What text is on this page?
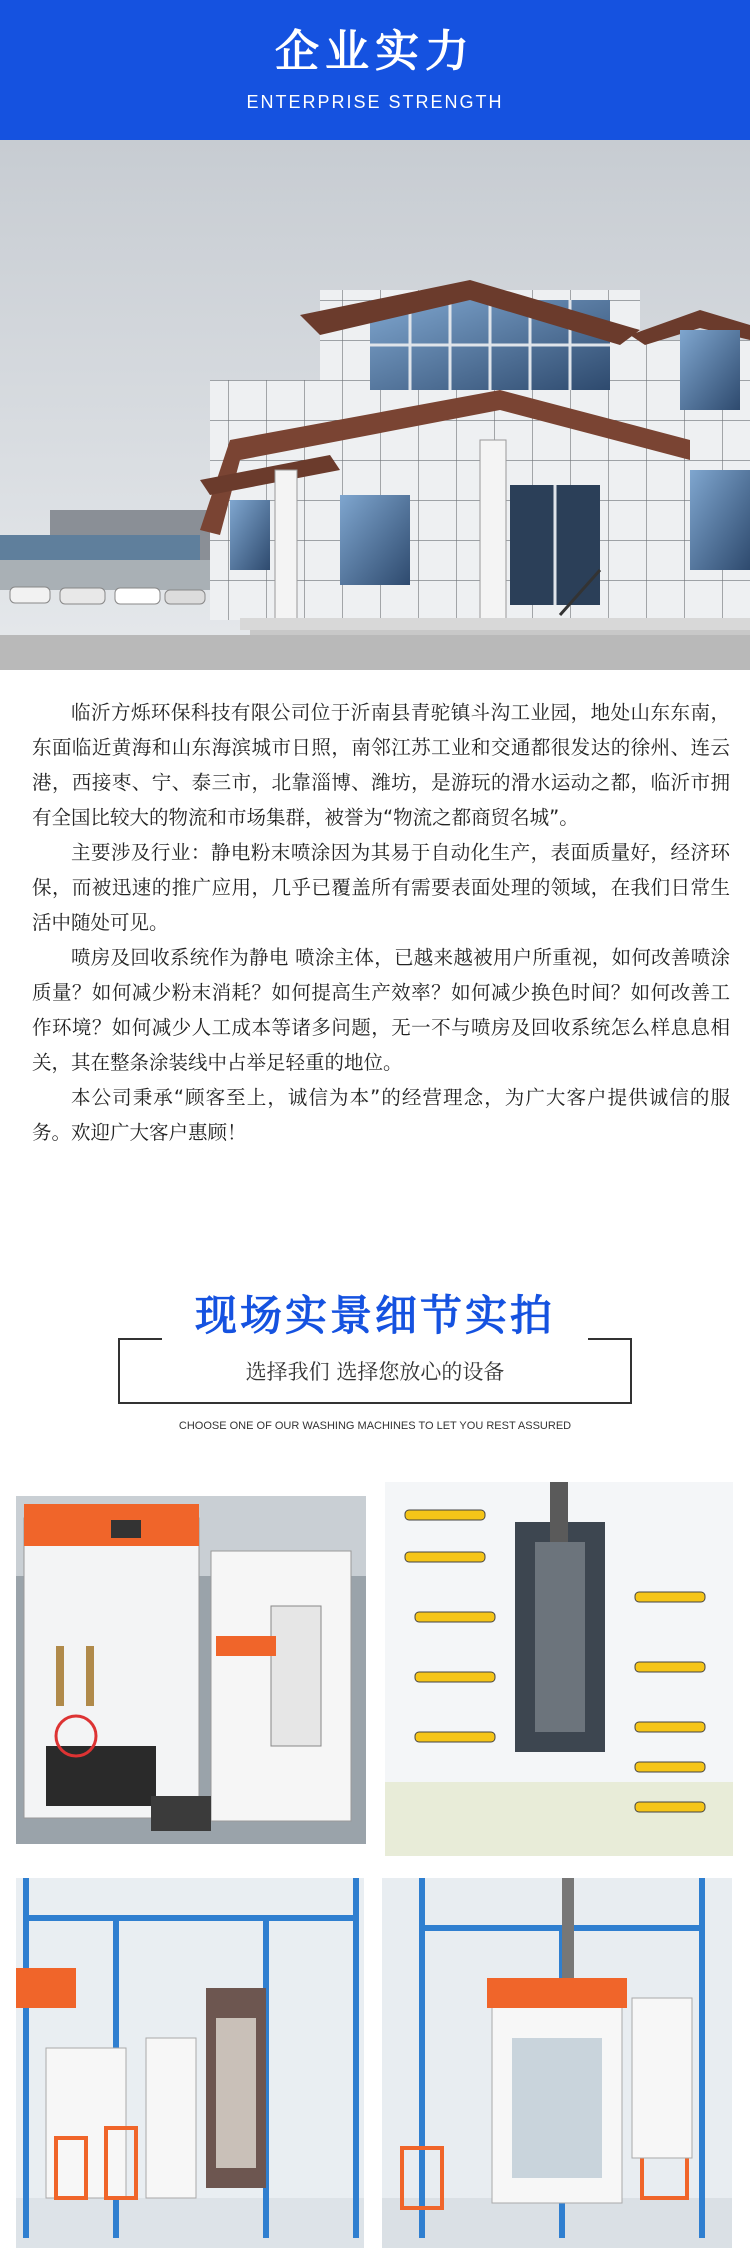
企业实力
ENTERPRISE STRENGTH

临沂方烁环保科技有限公司位于沂南县青驼镇斗沟工业园，地处山东东南，东面临近黄海和山东海滨城市日照，南邻江苏工业和交通都很发达的徐州、连云港，西接枣、宁、泰三市，北靠淄博、潍坊，是游玩的滑水运动之都，临沂市拥有全国比较大的物流和市场集群，被誉为“物流之都商贸名城”。

主要涉及行业：静电粉末喷涂因为其易于自动化生产，表面质量好，经济环保，而被迅速的推广应用，几乎已覆盖所有需要表面处理的领域，在我们日常生活中随处可见。

喷房及回收系统作为静电 喷涂主体，已越来越被用户所重视，如何改善喷涂质量？如何减少粉末消耗？如何提高生产效率？如何减少换色时间？如何改善工作环境？如何减少人工成本等诸多问题，无一不与喷房及回收系统怎么样息息相关，其在整条涂装线中占举足轻重的地位。

本公司秉承“顾客至上，诚信为本”的经营理念，为广大客户提供诚信的服务。欢迎广大客户惠顾！

现场实景细节实拍
选择我们 选择您放心的设备
CHOOSE ONE OF OUR WASHING MACHINES TO LET YOU REST ASSURED
